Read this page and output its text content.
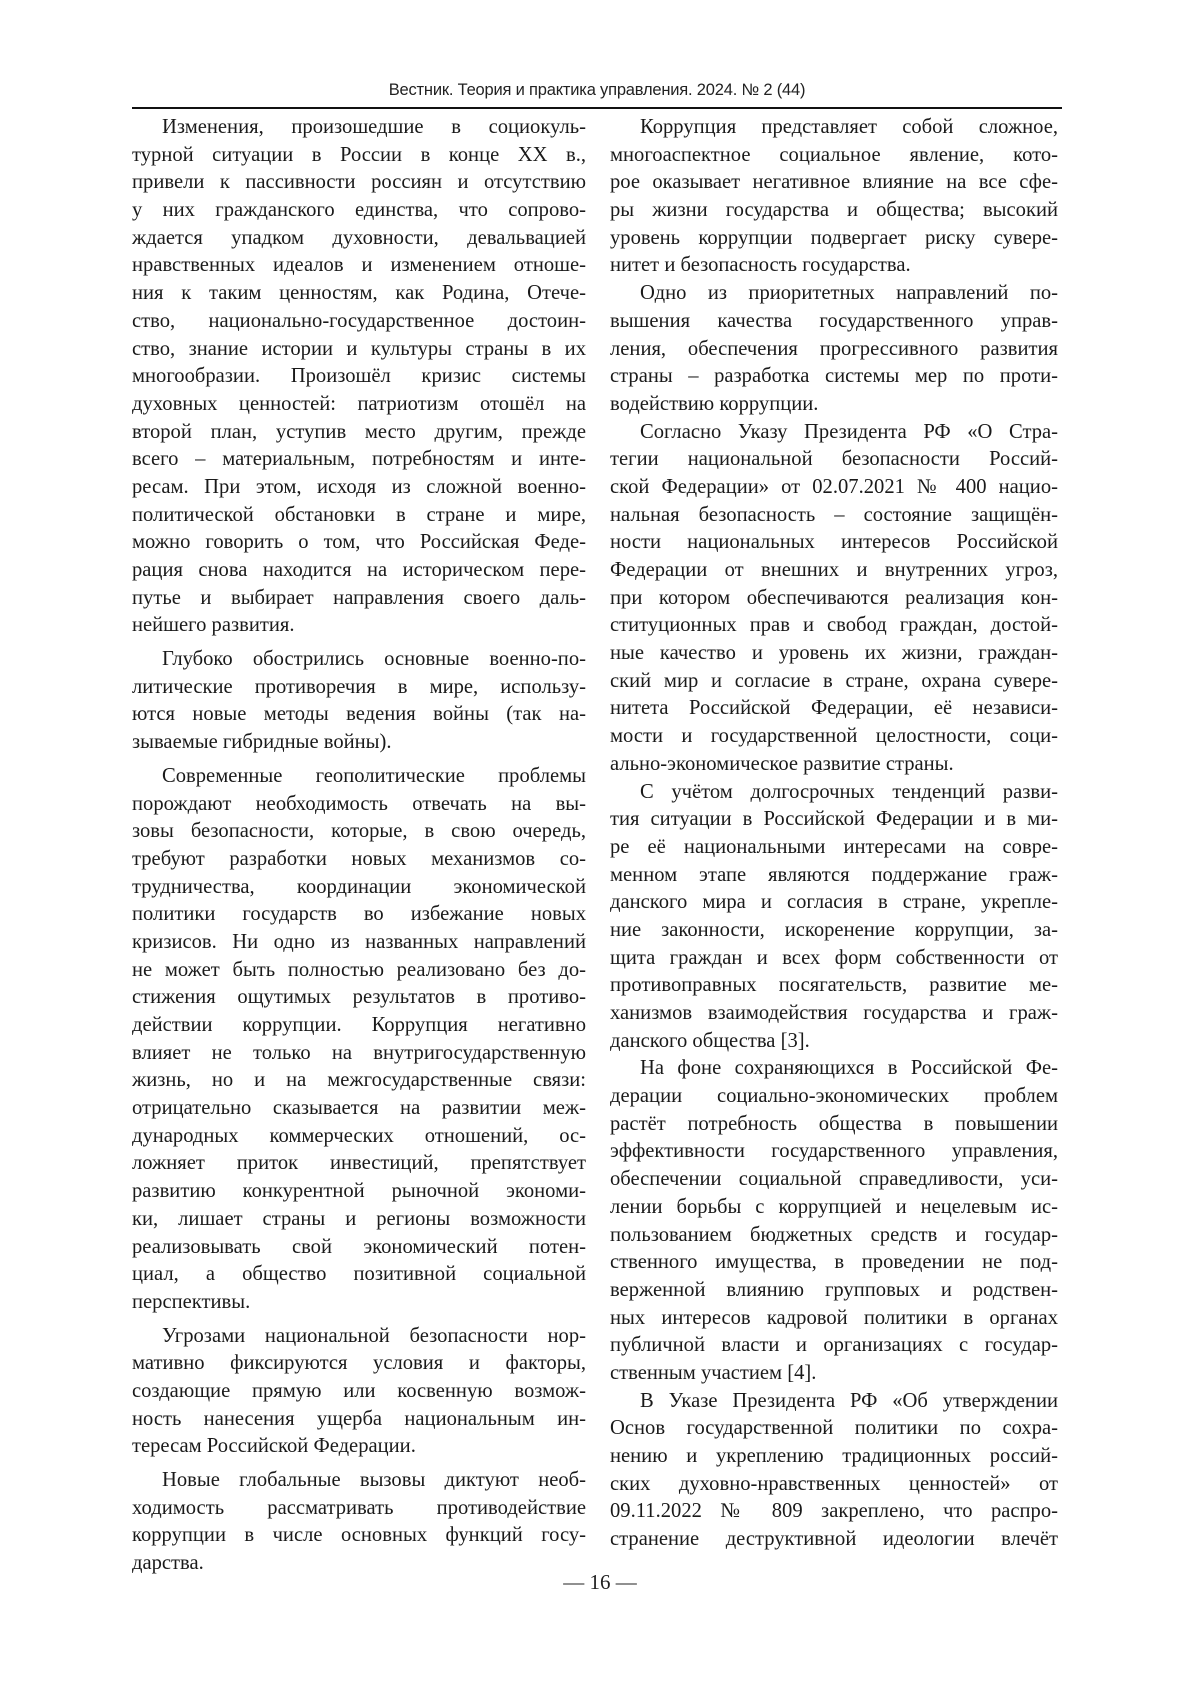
Вестник. Теория и практика управления. 2024. № 2 (44)
Изменения, произошедшие в социокуль-
турной ситуации в России в конце XX в.,
привели к пассивности россиян и отсутствию
у них гражданского единства, что сопрово-
ждается упадком духовности, девальвацией
нравственных идеалов и изменением отноше-
ния к таким ценностям, как Родина, Отече-
ство, национально-государственное достоин-
ство, знание истории и культуры страны в их
многообразии. Произошёл кризис системы
духовных ценностей: патриотизм отошёл на
второй план, уступив место другим, прежде
всего – материальным, потребностям и инте-
ресам. При этом, исходя из сложной военно-
политической обстановки в стране и мире,
можно говорить о том, что Российская Феде-
рация снова находится на историческом пере-
путье и выбирает направления своего даль-
нейшего развития.
Глубоко обострились основные военно-по-
литические противоречия в мире, использу-
ются новые методы ведения войны (так на-
зываемые гибридные войны).
Современные геополитические проблемы
порождают необходимость отвечать на вы-
зовы безопасности, которые, в свою очередь,
требуют разработки новых механизмов со-
трудничества, координации экономической
политики государств во избежание новых
кризисов. Ни одно из названных направлений
не может быть полностью реализовано без до-
стижения ощутимых результатов в противо-
действии коррупции. Коррупция негативно
влияет не только на внутригосударственную
жизнь, но и на межгосударственные связи:
отрицательно сказывается на развитии меж-
дународных коммерческих отношений, ос-
ложняет приток инвестиций, препятствует
развитию конкурентной рыночной экономи-
ки, лишает страны и регионы возможности
реализовывать свой экономический потен-
циал, а общество позитивной социальной
перспективы.
Угрозами национальной безопасности нор-
мативно фиксируются условия и факторы,
создающие прямую или косвенную возмож-
ность нанесения ущерба национальным ин-
тересам Российской Федерации.
Новые глобальные вызовы диктуют необ-
ходимость рассматривать противодействие
коррупции в числе основных функций госу-
дарства.
Коррупция представляет собой сложное,
многоаспектное социальное явление, кото-
рое оказывает негативное влияние на все сфе-
ры жизни государства и общества; высокий
уровень коррупции подвергает риску сувере-
нитет и безопасность государства.
Одно из приоритетных направлений по-
вышения качества государственного управ-
ления, обеспечения прогрессивного развития
страны – разработка системы мер по проти-
водействию коррупции.
Согласно Указу Президента РФ «О Стра-
тегии национальной безопасности Россий-
ской Федерации» от 02.07.2021 № 400 нацио-
нальная безопасность – состояние защищён-
ности национальных интересов Российской
Федерации от внешних и внутренних угроз,
при котором обеспечиваются реализация кон-
ституционных прав и свобод граждан, достой-
ные качество и уровень их жизни, граждан-
ский мир и согласие в стране, охрана сувере-
нитета Российской Федерации, её независи-
мости и государственной целостности, соци-
ально-экономическое развитие страны.
С учётом долгосрочных тенденций разви-
тия ситуации в Российской Федерации и в ми-
ре её национальными интересами на совре-
менном этапе являются поддержание граж-
данского мира и согласия в стране, укрепле-
ние законности, искоренение коррупции, за-
щита граждан и всех форм собственности от
противоправных посягательств, развитие ме-
ханизмов взаимодействия государства и граж-
данского общества [3].
На фоне сохраняющихся в Российской Фе-
дерации социально-экономических проблем
растёт потребность общества в повышении
эффективности государственного управления,
обеспечении социальной справедливости, уси-
лении борьбы с коррупцией и нецелевым ис-
пользованием бюджетных средств и государ-
ственного имущества, в проведении не под-
верженной влиянию групповых и родствен-
ных интересов кадровой политики в органах
публичной власти и организациях с государ-
ственным участием [4].
В Указе Президента РФ «Об утверждении
Основ государственной политики по сохра-
нению и укреплению традиционных россий-
ских духовно-нравственных ценностей» от
09.11.2022 № 809 закреплено, что распро-
странение деструктивной идеологии влечёт
— 16 —
